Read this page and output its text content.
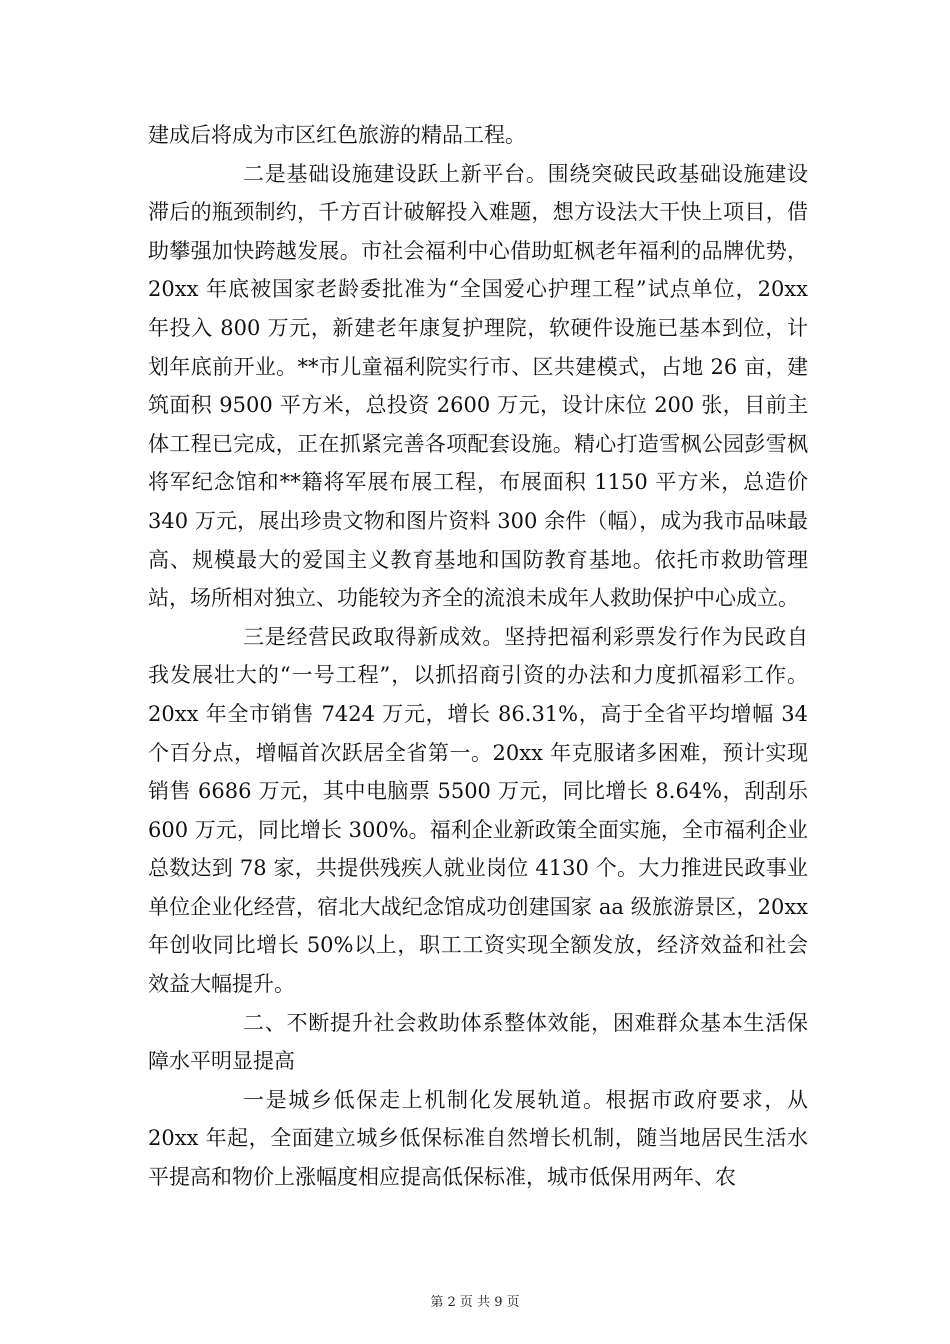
建成后将成为市区红色旅游的精品工程。

二是基础设施建设跃上新平台。围绕突破民政基础设施建设滞后的瓶颈制约，千方百计破解投入难题，想方设法大干快上项目，借助攀强加快跨越发展。市社会福利中心借助虹枫老年福利的品牌优势，20xx 年底被国家老龄委批准为“全国爱心护理工程”试点单位，20xx 年投入 800 万元，新建老年康复护理院，软硬件设施已基本到位，计划年底前开业。**市儿童福利院实行市、区共建模式，占地 26 亩，建筑面积 9500 平方米，总投资 2600 万元，设计床位 200 张，目前主体工程已完成，正在抓紧完善各项配套设施。精心打造雪枫公园彭雪枫将军纪念馆和**籍将军展布展工程，布展面积 1150 平方米，总造价 340 万元，展出珍贵文物和图片资料 300 余件（幅），成为我市品味最高、规模最大的爱国主义教育基地和国防教育基地。依托市救助管理站，场所相对独立、功能较为齐全的流浪未成年人救助保护中心成立。

三是经营民政取得新成效。坚持把福利彩票发行作为民政自我发展壮大的“一号工程”，以抓招商引资的办法和力度抓福彩工作。20xx 年全市销售 7424 万元，增长 86.31%，高于全省平均增幅 34 个百分点，增幅首次跃居全省第一。20xx 年克服诸多困难，预计实现销售 6686 万元，其中电脑票 5500 万元，同比增长 8.64%，刮刮乐 600 万元，同比增长 300%。福利企业新政策全面实施，全市福利企业总数达到 78 家，共提供残疾人就业岗位 4130 个。大力推进民政事业单位企业化经营，宿北大战纪念馆成功创建国家 aa 级旅游景区，20xx 年创收同比增长 50%以上，职工工资实现全额发放，经济效益和社会效益大幅提升。

二、不断提升社会救助体系整体效能，困难群众基本生活保障水平明显提高

一是城乡低保走上机制化发展轨道。根据市政府要求，从 20xx 年起，全面建立城乡低保标准自然增长机制，随当地居民生活水平提高和物价上涨幅度相应提高低保标准，城市低保用两年、农

第 2 页 共 9 页
